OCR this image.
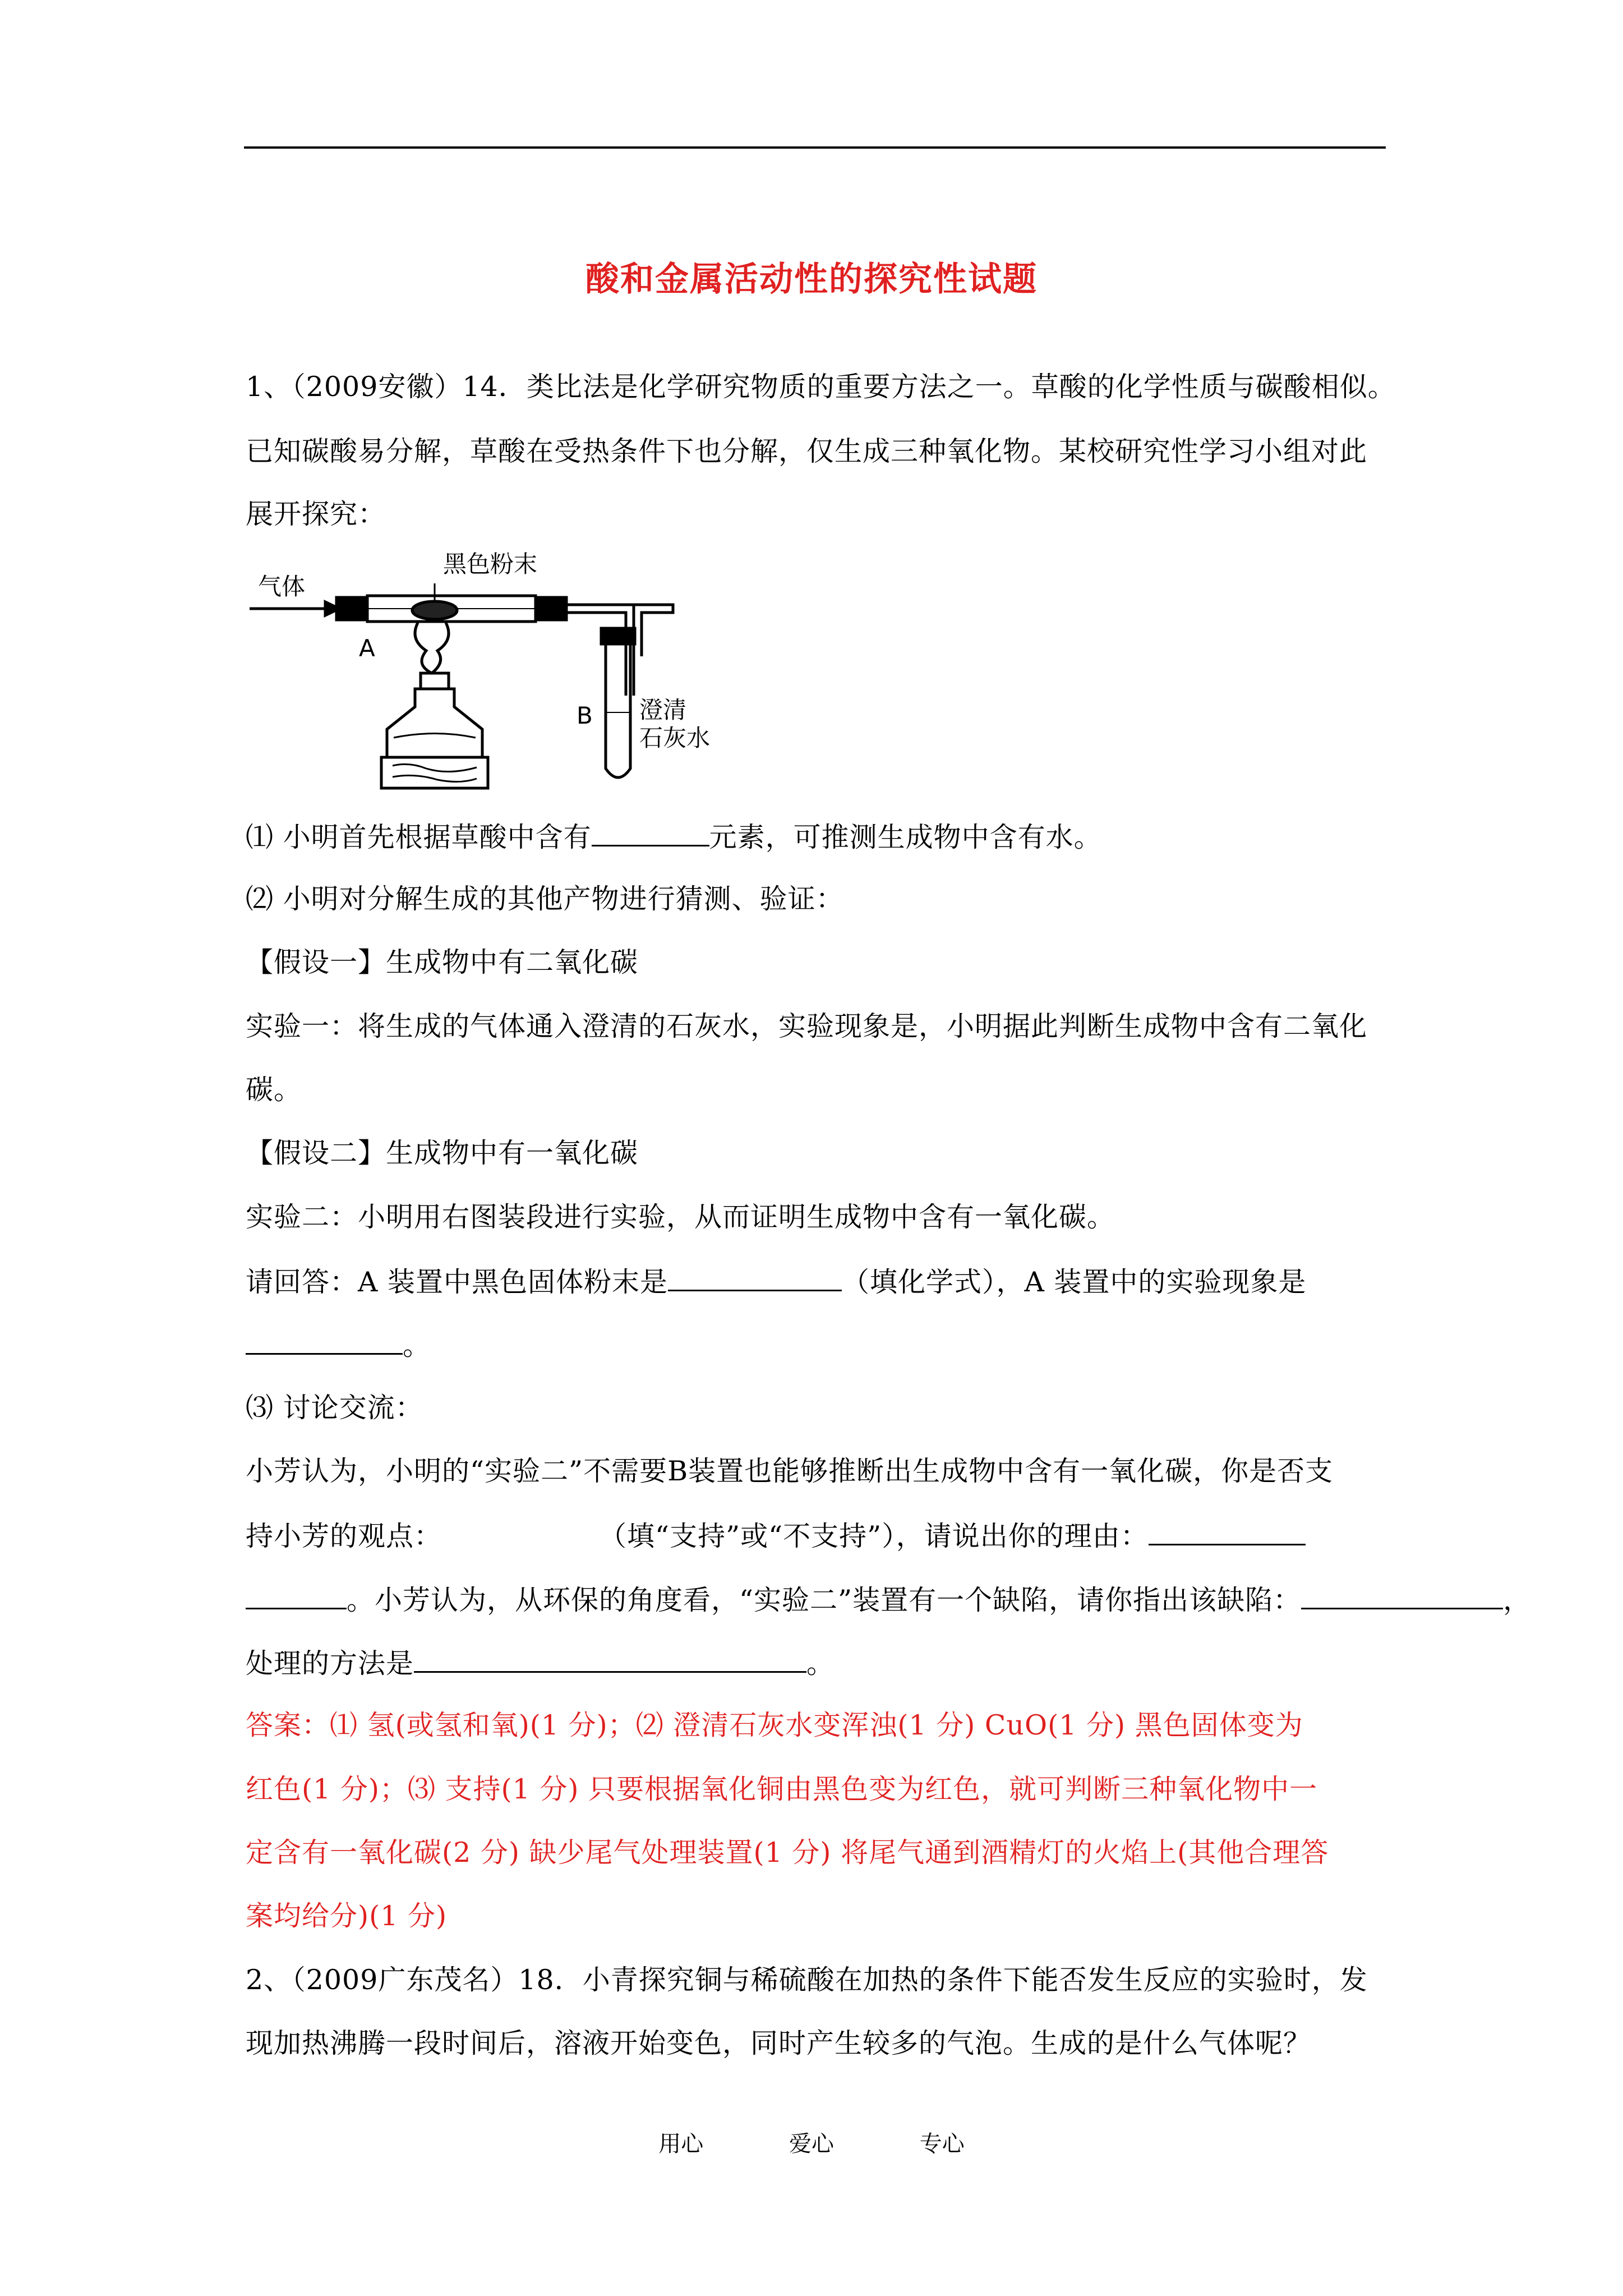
酸和金属活动性的探究性试题
1、（2009安徽）14．类比法是化学研究物质的重要方法之一。草酸的化学性质与碳酸相似。
已知碳酸易分解，草酸在受热条件下也分解，仅生成三种氧化物。某校研究性学习小组对此
展开探究：
气体
黑色粉末
A
B 澄清
石灰水
⑴ 小明首先根据草酸中含有	元素，可推测生成物中含有水。
⑵ 小明对分解生成的其他产物进行猜测、验证：
【假设一】生成物中有二氧化碳
实验一：将生成的气体通入澄清的石灰水，实验现象是，小明据此判断生成物中含有二氧化
碳。
【假设二】生成物中有一氧化碳
实验二：小明用右图装段进行实验，从而证明生成物中含有一氧化碳。
请回答：A 装置中黑色固体粉末是	（填化学式），A 装置中的实验现象是
。
⑶ 讨论交流：
小芳认为，小明的“实验二”不需要B装置也能够推断出生成物中含有一氧化碳，你是否支
持小芳的观点：	（填“支持”或“不支持”），请说出你的理由：
。小芳认为，从环保的角度看，“实验二”装置有一个缺陷，请你指出该缺陷：	，
处理的方法是	。
答案：⑴ 氢(或氢和氧)(1 分)；⑵ 澄清石灰水变浑浊(1 分) CuO(1 分) 黑色固体变为
红色(1 分)；⑶ 支持(1 分) 只要根据氧化铜由黑色变为红色，就可判断三种氧化物中一
定含有一氧化碳(2 分) 缺少尾气处理装置(1 分) 将尾气通到酒精灯的火焰上(其他合理答
案均给分)(1 分)
2、（2009广东茂名）18．小青探究铜与稀硫酸在加热的条件下能否发生反应的实验时，发
现加热沸腾一段时间后，溶液开始变色，同时产生较多的气泡。生成的是什么气体呢？
用心	爱心	专心
